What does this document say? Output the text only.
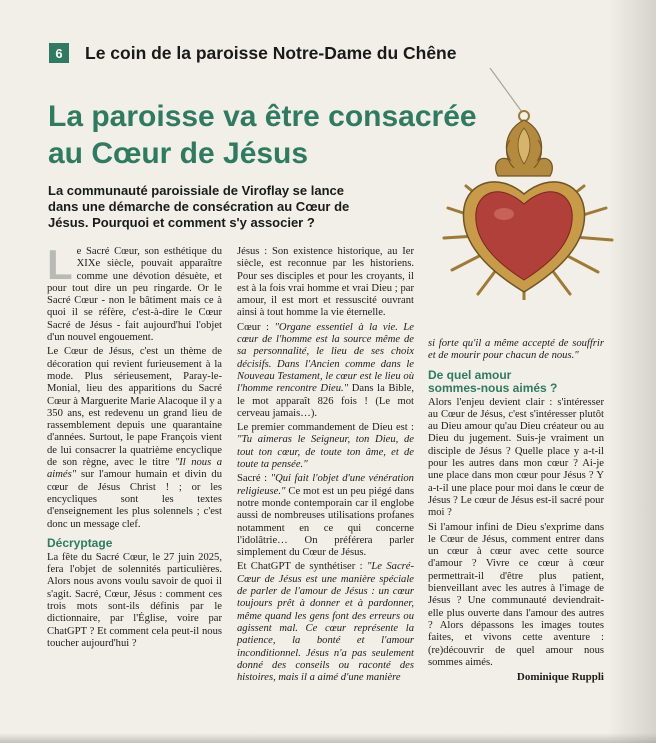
6	Le coin de la paroisse Notre-Dame du Chêne
La paroisse va être consacrée
au Cœur de Jésus

La communauté paroissiale de Viroflay se lance dans une démarche de consécration au Cœur de Jésus. Pourquoi et comment s'y associer ?

Le Sacré Cœur, son esthétique du XIXe siècle, pouvait apparaître comme une dévotion désuète, et pour tout dire un peu ringarde. Or le Sacré Cœur - non le bâtiment mais ce à quoi il se réfère, c'est-à-dire le Cœur Sacré de Jésus - fait aujourd'hui l'objet d'un nouvel engouement.

Le Cœur de Jésus, c'est un thème de décoration qui revient furieusement à la mode. Plus sérieusement, Paray-le-Monial, lieu des apparitions du Sacré Cœur à Marguerite Marie Alacoque il y a 350 ans, est redevenu un grand lieu de rassemblement depuis une quarantaine d'années. Surtout, le pape François vient de lui consacrer la quatrième encyclique de son règne, avec le titre "Il nous a aimés" sur l'amour humain et divin du cœur de Jésus Christ ! ; or les encycliques sont les textes d'enseignement les plus solennels ; c'est donc un message clef.

Décryptage

La fête du Sacré Cœur, le 27 juin 2025, fera l'objet de solennités particulières. Alors nous avons voulu savoir de quoi il s'agit. Sacré, Cœur, Jésus : comment ces trois mots sont-ils définis par le dictionnaire, par l'Église, voire par ChatGPT ? Et comment cela peut-il nous toucher aujourd'hui ?

Jésus : Son existence historique, au Ier siècle, est reconnue par les historiens. Pour ses disciples et pour les croyants, il est à la fois vrai homme et vrai Dieu ; par amour, il est mort et ressuscité ouvrant ainsi à tout homme la vie éternelle.

Cœur : "Organe essentiel à la vie. Le cœur de l'homme est la source même de sa personnalité, le lieu de ses choix décisifs. Dans l'Ancien comme dans le Nouveau Testament, le cœur est le lieu où l'homme rencontre Dieu." Dans la Bible, le mot apparaît 826 fois ! (Le mot cerveau jamais…).

Le premier commandement de Dieu est : "Tu aimeras le Seigneur, ton Dieu, de tout ton cœur, de toute ton âme, et de toute ta pensée."

Sacré : "Qui fait l'objet d'une vénération religieuse." Ce mot est un peu piégé dans notre monde contemporain car il englobe aussi de nombreuses utilisations profanes notamment en ce qui concerne l'idolâtrie… On préférera parler simplement du Cœur de Jésus.

Et ChatGPT de synthétiser : "Le Sacré-Cœur de Jésus est une manière spéciale de parler de l'amour de Jésus : un cœur toujours prêt à donner et à pardonner, même quand les gens font des erreurs ou agissent mal. Ce cœur représente la patience, la bonté et l'amour inconditionnel. Jésus n'a pas seulement donné des conseils ou raconté des histoires, mais il a aimé d'une manière

si forte qu'il a même accepté de souffrir et de mourir pour chacun de nous."

De quel amour
sommes-nous aimés ?

Alors l'enjeu devient clair : s'intéresser au Cœur de Jésus, c'est s'intéresser plutôt au Dieu amour qu'au Dieu créateur ou au Dieu du jugement. Suis-je vraiment un disciple de Jésus ? Quelle place y a-t-il pour les autres dans mon cœur ? Ai-je une place dans mon cœur pour Jésus ? Y a-t-il une place pour moi dans le cœur de Jésus ? Le cœur de Jésus est-il sacré pour moi ?

Si l'amour infini de Dieu s'exprime dans le Cœur de Jésus, comment entrer dans un cœur à cœur avec cette source d'amour ? Vivre ce cœur à cœur permettrait-il d'être plus patient, bienveillant avec les autres à l'image de Jésus ? Une communauté deviendrait-elle plus ouverte dans l'amour des autres ? Alors dépassons les images toutes faites, et vivons cette aventure : (re)découvrir de quel amour nous sommes aimés.

Dominique Ruppli
